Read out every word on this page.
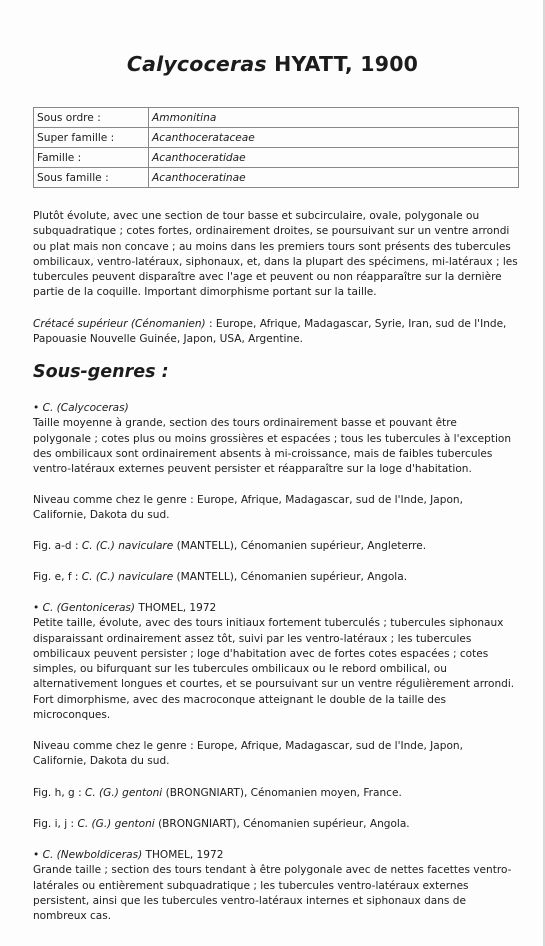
Calycoceras HYATT, 1900
Sous ordre :	Ammonitina
Super famille :	Acanthocerataceae
Famille :	Acanthoceratidae
Sous famille :	Acanthoceratinae

Plutôt évolute, avec une section de tour basse et subcirculaire, ovale, polygonale ou
subquadratique ; cotes fortes, ordinairement droites, se poursuivant sur un ventre arrondi
ou plat mais non concave ; au moins dans les premiers tours sont présents des tubercules
ombilicaux, ventro-latéraux, siphonaux, et, dans la plupart des spécimens, mi-latéraux ; les
tubercules peuvent disparaître avec l'age et peuvent ou non réapparaître sur la dernière
partie de la coquille. Important dimorphisme portant sur la taille.

Crétacé supérieur (Cénomanien) : Europe, Afrique, Madagascar, Syrie, Iran, sud de l'Inde,
Papouasie Nouvelle Guinée, Japon, USA, Argentine.

Sous-genres :

• C. (Calycoceras)
Taille moyenne à grande, section des tours ordinairement basse et pouvant être
polygonale ; cotes plus ou moins grossières et espacées ; tous les tubercules à l'exception
des ombilicaux sont ordinairement absents à mi-croissance, mais de faibles tubercules
ventro-latéraux externes peuvent persister et réapparaître sur la loge d'habitation.

Niveau comme chez le genre : Europe, Afrique, Madagascar, sud de l'Inde, Japon,
Californie, Dakota du sud.

Fig. a-d : C. (C.) naviculare (MANTELL), Cénomanien supérieur, Angleterre.

Fig. e, f : C. (C.) naviculare (MANTELL), Cénomanien supérieur, Angola.

• C. (Gentoniceras) THOMEL, 1972
Petite taille, évolute, avec des tours initiaux fortement tuberculés ; tubercules siphonaux
disparaissant ordinairement assez tôt, suivi par les ventro-latéraux ; les tubercules
ombilicaux peuvent persister ; loge d'habitation avec de fortes cotes espacées ; cotes
simples, ou bifurquant sur les tubercules ombilicaux ou le rebord ombilical, ou
alternativement longues et courtes, et se poursuivant sur un ventre régulièrement arrondi.
Fort dimorphisme, avec des macroconque atteignant le double de la taille des
microconques.

Niveau comme chez le genre : Europe, Afrique, Madagascar, sud de l'Inde, Japon,
Californie, Dakota du sud.

Fig. h, g : C. (G.) gentoni (BRONGNIART), Cénomanien moyen, France.

Fig. i, j : C. (G.) gentoni (BRONGNIART), Cénomanien supérieur, Angola.

• C. (Newboldiceras) THOMEL, 1972
Grande taille ; section des tours tendant à être polygonale avec de nettes facettes ventro-
latérales ou entièrement subquadratique ; les tubercules ventro-latéraux externes
persistent, ainsi que les tubercules ventro-latéraux internes et siphonaux dans de
nombreux cas.
